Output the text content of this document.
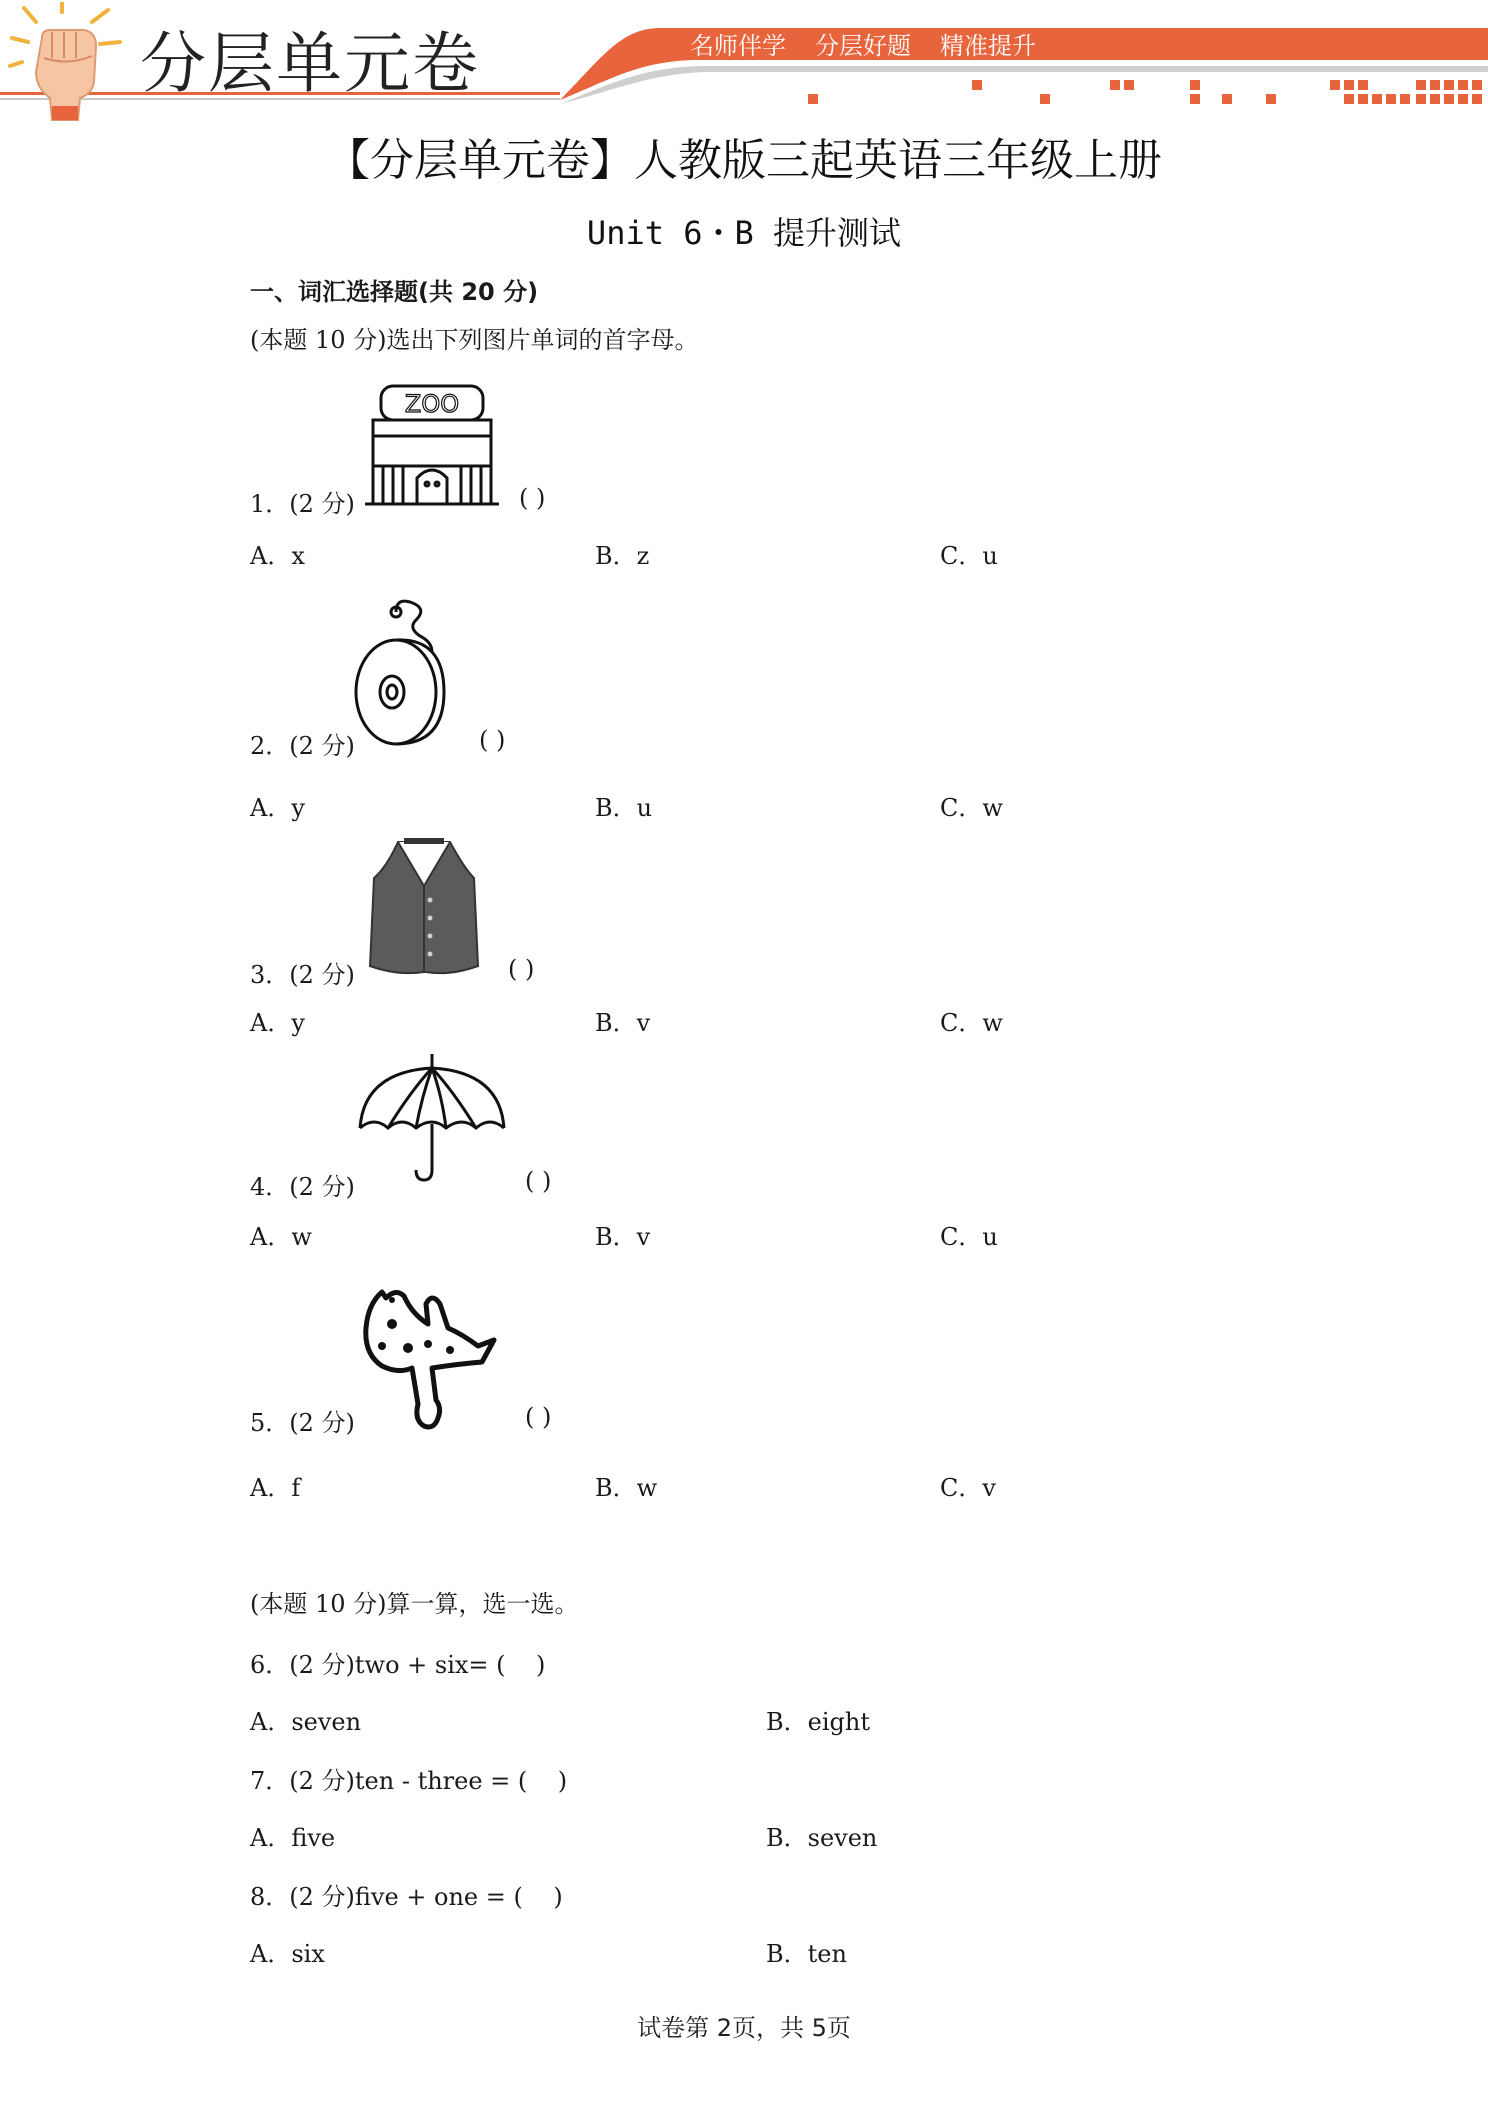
分层单元卷	名师伴学 分层好题 精准提升
【分层单元卷】人教版三起英语三年级上册
Unit 6・B 提升测试
一、词汇选择题(共 20 分)
(本题 10 分)选出下列图片单词的首字母。
ZOO
1．(2 分)	( )
A．x	B．z	C．u
2．(2 分)	( )
A．y	B．u	C．w
3．(2 分)	( )
A．y	B．v	C．w
4．(2 分)	( )
A．w	B．v	C．u
5．(2 分)	( )
A．f	B．w	C．v
(本题 10 分)算一算，选一选。
6．(2 分)two + six= (    )
A．seven	B．eight
7．(2 分)ten - three = (    )
A．five	B．seven
8．(2 分)five + one = (    )
A．six	B．ten
试卷第 2页，共 5页
